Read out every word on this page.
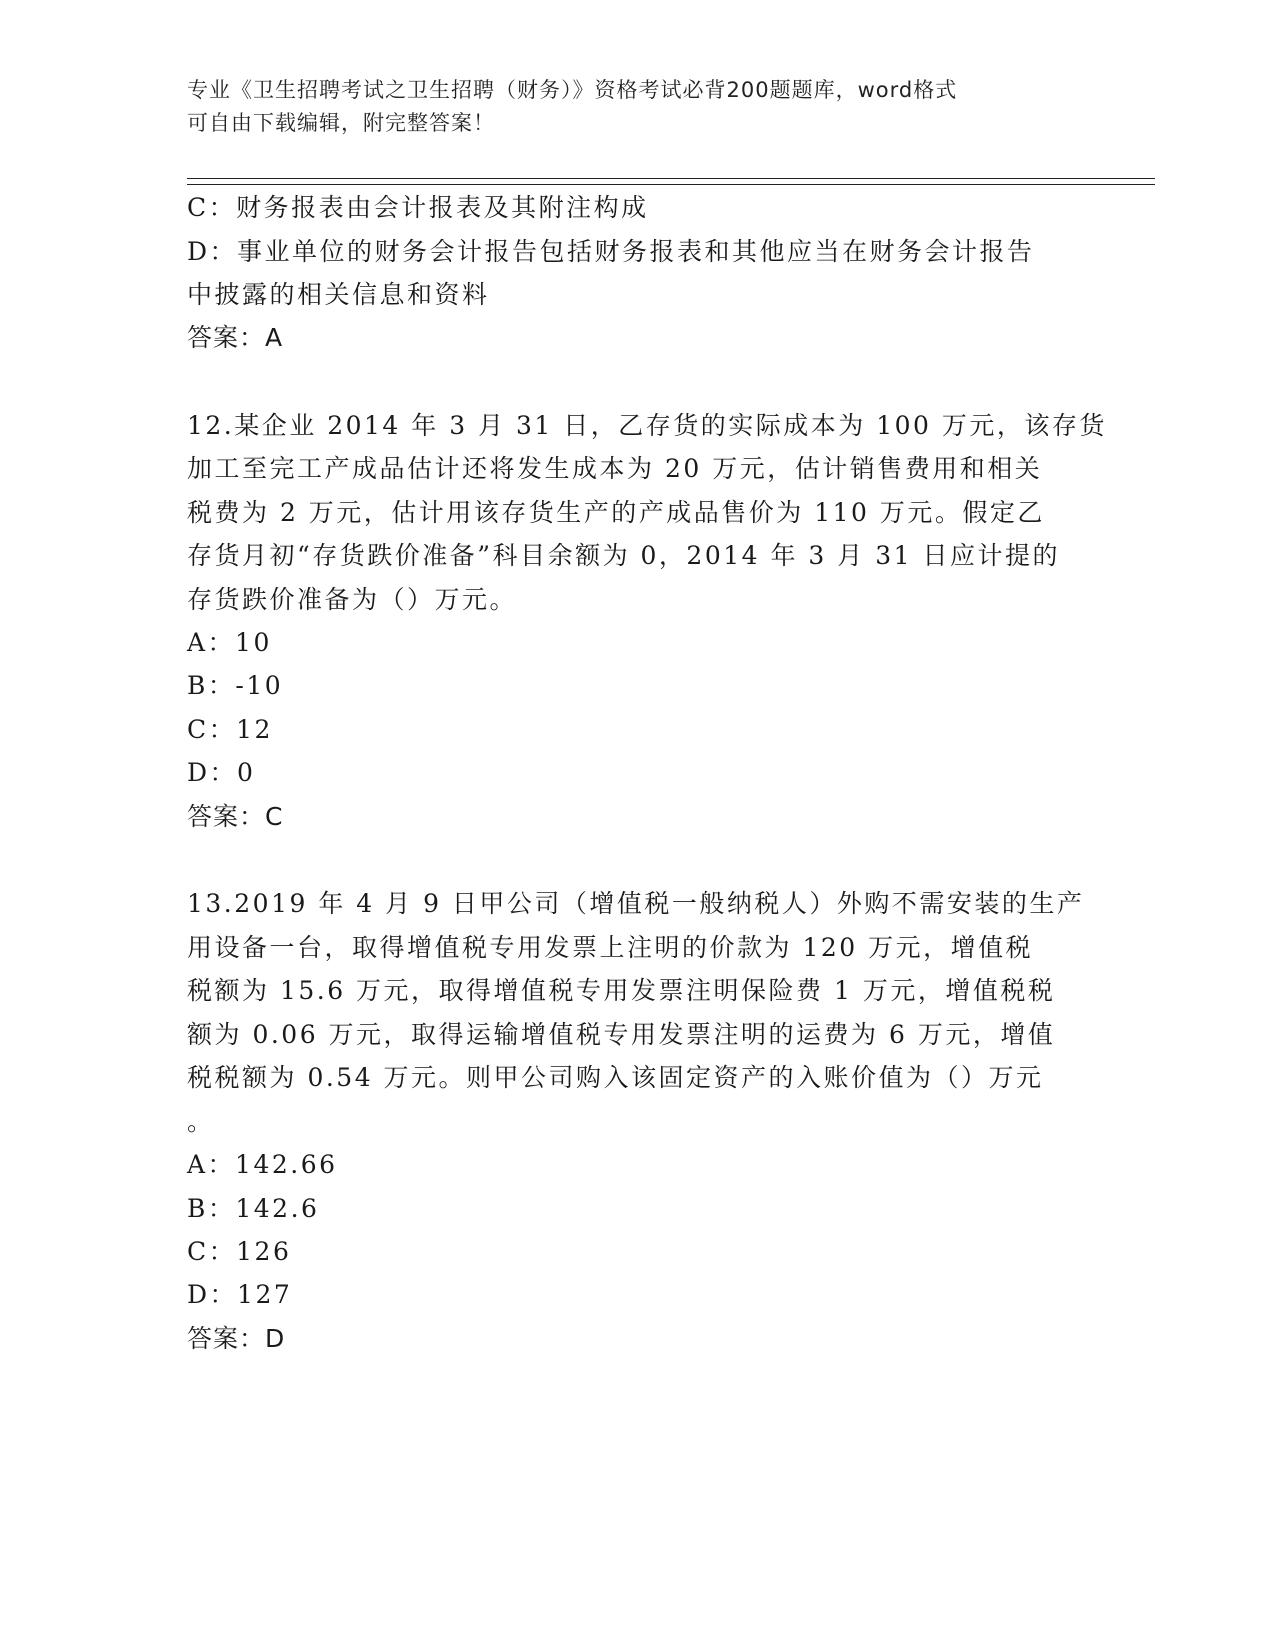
专业《卫生招聘考试之卫生招聘（财务）》资格考试必背200题题库，word格式
可自由下载编辑，附完整答案！
C：财务报表由会计报表及其附注构成
D：事业单位的财务会计报告包括财务报表和其他应当在财务会计报告
中披露的相关信息和资料
答案：A
12.某企业 2014 年 3 月 31 日，乙存货的实际成本为 100 万元，该存货
加工至完工产成品估计还将发生成本为 20 万元，估计销售费用和相关
税费为 2 万元，估计用该存货生产的产成品售价为 110 万元。假定乙
存货月初“存货跌价准备”科目余额为 0，2014 年 3 月 31 日应计提的
存货跌价准备为（）万元。
A：10
B：-10
C：12
D：0
答案：C
13.2019 年 4 月 9 日甲公司（增值税一般纳税人）外购不需安装的生产
用设备一台，取得增值税专用发票上注明的价款为 120 万元，增值税
税额为 15.6 万元，取得增值税专用发票注明保险费 1 万元，增值税税
额为 0.06 万元，取得运输增值税专用发票注明的运费为 6 万元，增值
税税额为 0.54 万元。则甲公司购入该固定资产的入账价值为（）万元
。
A：142.66
B：142.6
C：126
D：127
答案：D
